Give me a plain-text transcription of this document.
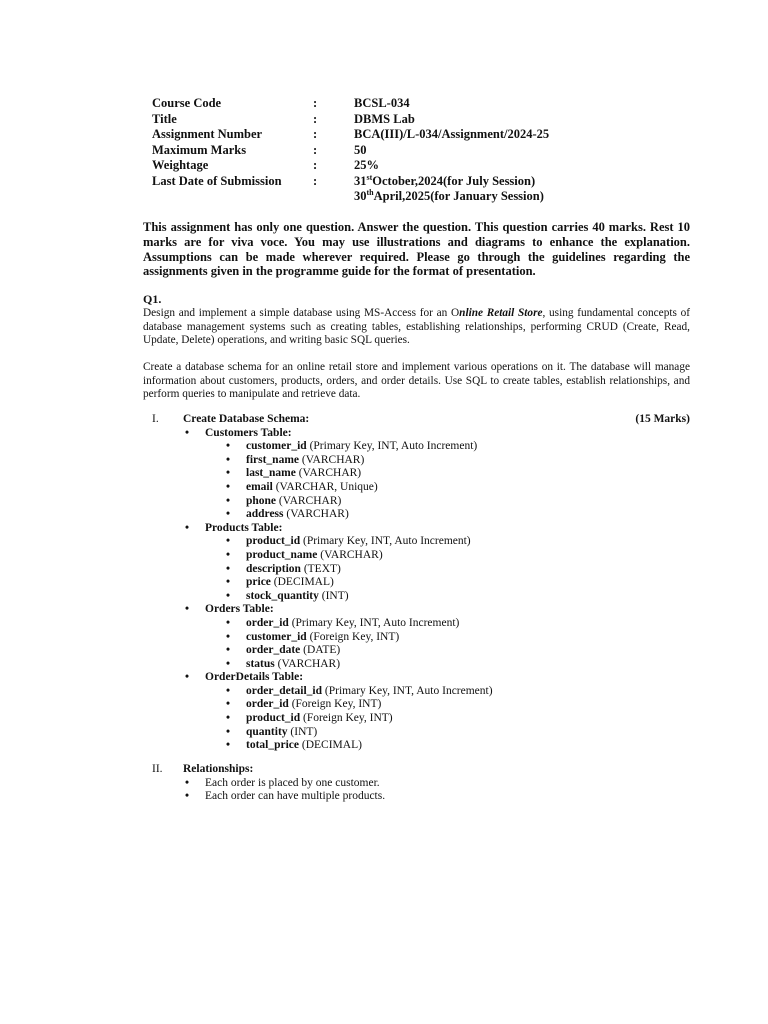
Course Code	:	BCSL-034
Title	:	DBMS Lab
Assignment Number	:	BCA(III)/L-034/Assignment/2024-25
Maximum Marks	:	50
Weightage	:	25%
Last Date of Submission	:	31stOctober,2024(for July Session)
30thApril,2025(for January Session)

This assignment has only one question. Answer the question. This question carries 40 marks. Rest 10 marks are for viva voce. You may use illustrations and diagrams to enhance the explanation. Assumptions can be made wherever required. Please go through the guidelines regarding the assignments given in the programme guide for the format of presentation.

Q1.

Design and implement a simple database using MS-Access for an Online Retail Store, using fundamental concepts of database management systems such as creating tables, establishing relationships, performing CRUD (Create, Read, Update, Delete) operations, and writing basic SQL queries.

Create a database schema for an online retail store and implement various operations on it. The database will manage information about customers, products, orders, and order details. Use SQL to create tables, establish relationships, and perform queries to manipulate and retrieve data.

I.	Create Database Schema:	(15 Marks)
• Customers Table:
• customer_id (Primary Key, INT, Auto Increment)
• first_name (VARCHAR)
• last_name (VARCHAR)
• email (VARCHAR, Unique)
• phone (VARCHAR)
• address (VARCHAR)
• Products Table:
• product_id (Primary Key, INT, Auto Increment)
• product_name (VARCHAR)
• description (TEXT)
• price (DECIMAL)
• stock_quantity (INT)
• Orders Table:
• order_id (Primary Key, INT, Auto Increment)
• customer_id (Foreign Key, INT)
• order_date (DATE)
• status (VARCHAR)
• OrderDetails Table:
• order_detail_id (Primary Key, INT, Auto Increment)
• order_id (Foreign Key, INT)
• product_id (Foreign Key, INT)
• quantity (INT)
• total_price (DECIMAL)
II.	Relationships:
• Each order is placed by one customer.
• Each order can have multiple products.
